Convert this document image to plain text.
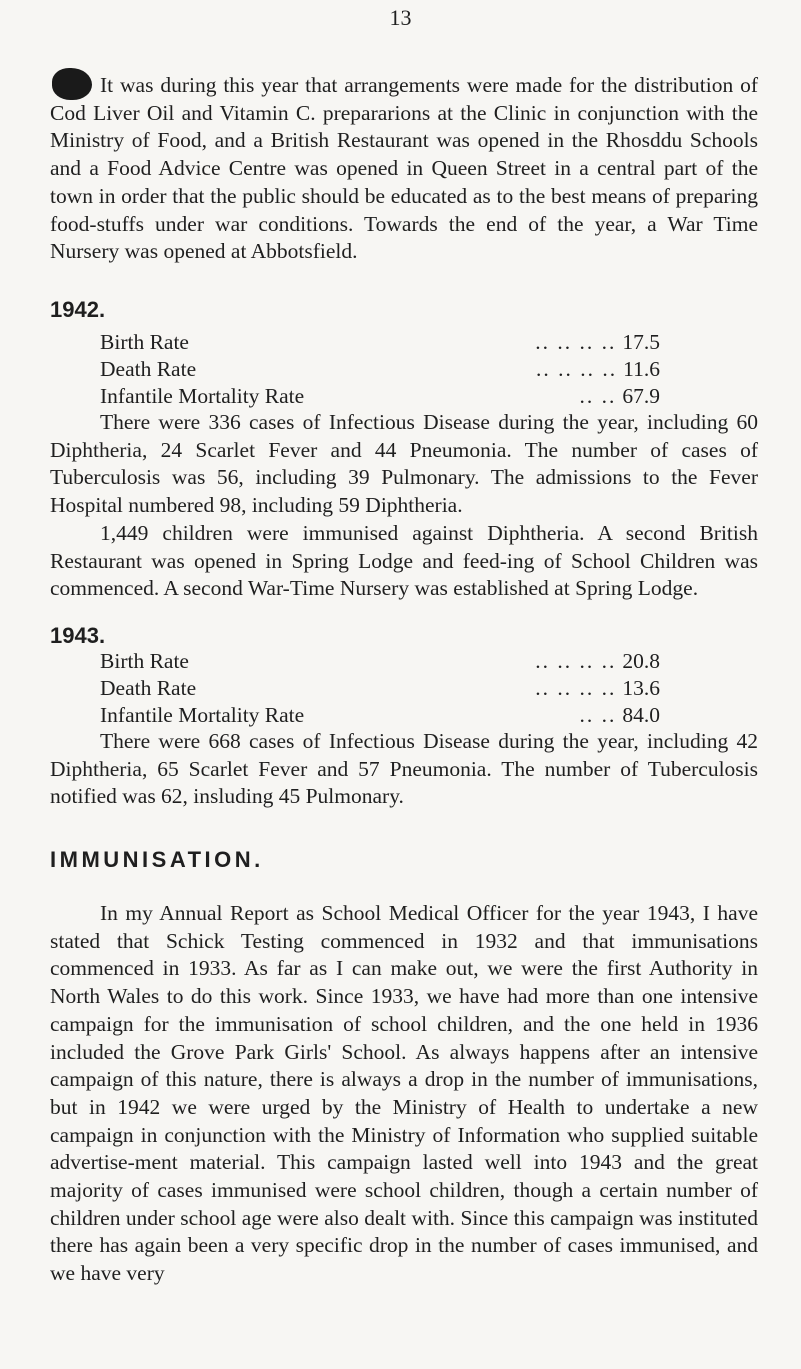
13

It was during this year that arrangements were made for the distribution of Cod Liver Oil and Vitamin C. prepararions at the Clinic in conjunction with the Ministry of Food, and a British Restaurant was opened in the Rhosddu Schools and a Food Advice Centre was opened in Queen Street in a central part of the town in order that the public should be educated as to the best means of preparing food-stuffs under war conditions. Towards the end of the year, a War Time Nursery was opened at Abbotsfield.

1942.
Birth Rate	.. .. .. .. 17.5
Death Rate	.. .. .. .. 11.6
Infantile Mortality Rate	.. .. 67.9

There were 336 cases of Infectious Disease during the year, including 60 Diphtheria, 24 Scarlet Fever and 44 Pneumonia. The number of cases of Tuberculosis was 56, including 39 Pulmonary. The admissions to the Fever Hospital numbered 98, including 59 Diphtheria.

1,449 children were immunised against Diphtheria. A second British Restaurant was opened in Spring Lodge and feed-ing of School Children was commenced. A second War-Time Nursery was established at Spring Lodge.

1943.
Birth Rate	.. .. .. .. 20.8
Death Rate	.. .. .. .. 13.6
Infantile Mortality Rate	.. .. 84.0

There were 668 cases of Infectious Disease during the year, including 42 Diphtheria, 65 Scarlet Fever and 57 Pneumonia. The number of Tuberculosis notified was 62, insluding 45 Pulmonary.

IMMUNISATION.

In my Annual Report as School Medical Officer for the year 1943, I have stated that Schick Testing commenced in 1932 and that immunisations commenced in 1933. As far as I can make out, we were the first Authority in North Wales to do this work. Since 1933, we have had more than one intensive campaign for the immunisation of school children, and the one held in 1936 included the Grove Park Girls' School. As always happens after an intensive campaign of this nature, there is always a drop in the number of immunisations, but in 1942 we were urged by the Ministry of Health to undertake a new campaign in conjunction with the Ministry of Information who supplied suitable advertise-ment material. This campaign lasted well into 1943 and the great majority of cases immunised were school children, though a certain number of children under school age were also dealt with. Since this campaign was instituted there has again been a very specific drop in the number of cases immunised, and we have very
